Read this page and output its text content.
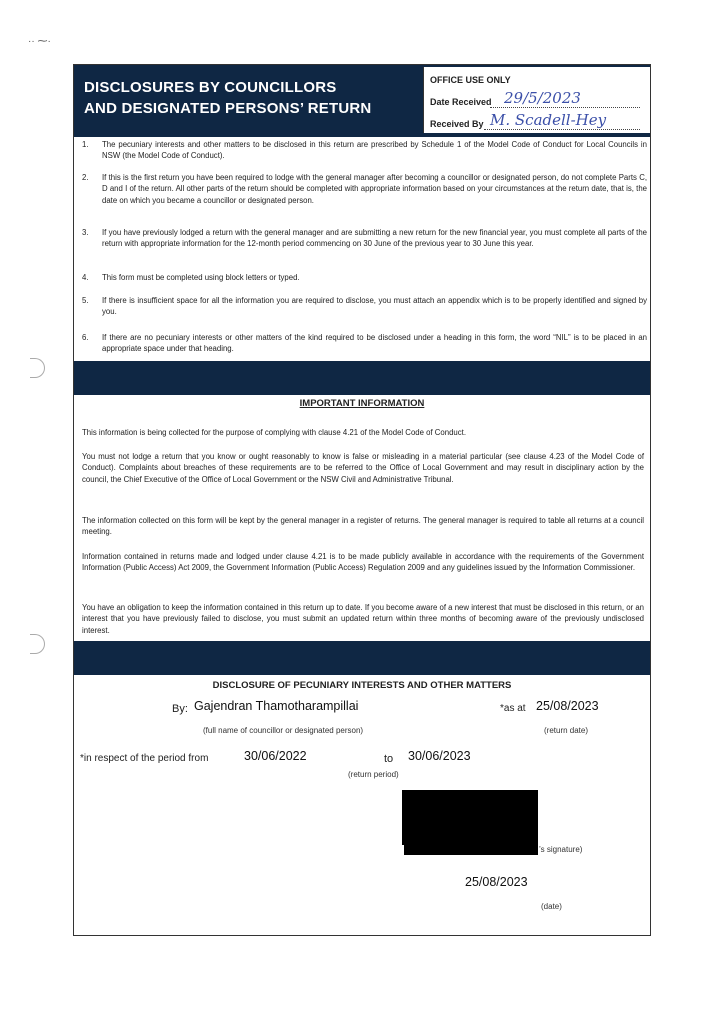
·· ⁓·
DISCLOSURES BY COUNCILLORS
AND DESIGNATED PERSONS’ RETURN
OFFICE USE ONLY
Date Received 29/5/2023
Received By M. Scadell-Hey
1. The pecuniary interests and other matters to be disclosed in this return are prescribed by Schedule 1 of the Model Code of Conduct for Local Councils in NSW (the Model Code of Conduct).
2. If this is the first return you have been required to lodge with the general manager after becoming a councillor or designated person, do not complete Parts C, D and I of the return. All other parts of the return should be completed with appropriate information based on your circumstances at the return date, that is, the date on which you became a councillor or designated person.
3. If you have previously lodged a return with the general manager and are submitting a new return for the new financial year, you must complete all parts of the return with appropriate information for the 12-month period commencing on 30 June of the previous year to 30 June this year.
4. This form must be completed using block letters or typed.
5. If there is insufficient space for all the information you are required to disclose, you must attach an appendix which is to be properly identified and signed by you.
6. If there are no pecuniary interests or other matters of the kind required to be disclosed under a heading in this form, the word “NIL” is to be placed in an appropriate space under that heading.
IMPORTANT INFORMATION
This information is being collected for the purpose of complying with clause 4.21 of the Model Code of Conduct.
You must not lodge a return that you know or ought reasonably to know is false or misleading in a material particular (see clause 4.23 of the Model Code of Conduct). Complaints about breaches of these requirements are to be referred to the Office of Local Government and may result in disciplinary action by the council, the Chief Executive of the Office of Local Government or the NSW Civil and Administrative Tribunal.
The information collected on this form will be kept by the general manager in a register of returns. The general manager is required to table all returns at a council meeting.
Information contained in returns made and lodged under clause 4.21 is to be made publicly available in accordance with the requirements of the Government Information (Public Access) Act 2009, the Government Information (Public Access) Regulation 2009 and any guidelines issued by the Information Commissioner.
You have an obligation to keep the information contained in this return up to date. If you become aware of a new interest that must be disclosed in this return, or an interest that you have previously failed to disclose, you must submit an updated return within three months of becoming aware of the previously undisclosed interest.
DISCLOSURE OF PECUNIARY INTERESTS AND OTHER MATTERS
By: Gajendran Thamotharampillai
(full name of councillor or designated person)
*as at 25/08/2023
(return date)
*in respect of the period from	30/06/2022	to 30/06/2023
(return period)
’s signature)
25/08/2023
(date)
